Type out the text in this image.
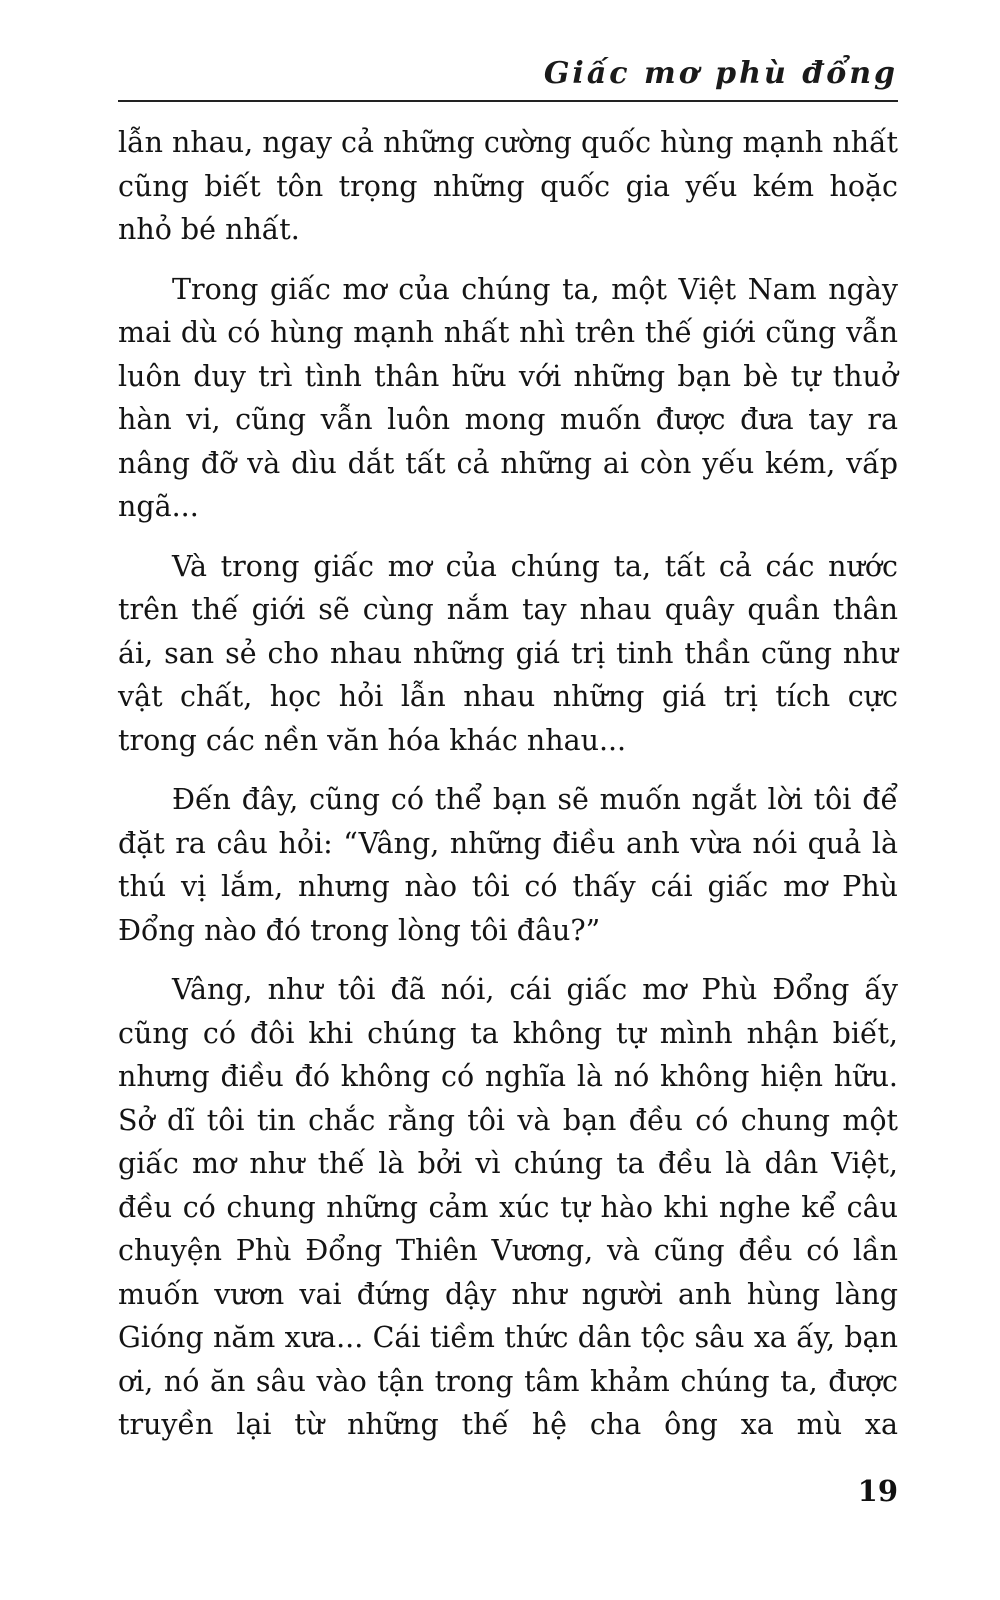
Giấc mơ phù đổng

lẫn nhau, ngay cả những cường quốc hùng mạnh nhất cũng biết tôn trọng những quốc gia yếu kém hoặc nhỏ bé nhất.

Trong giấc mơ của chúng ta, một Việt Nam ngày mai dù có hùng mạnh nhất nhì trên thế giới cũng vẫn luôn duy trì tình thân hữu với những bạn bè tự thuở hàn vi, cũng vẫn luôn mong muốn được đưa tay ra nâng đỡ và dìu dắt tất cả những ai còn yếu kém, vấp ngã...

Và trong giấc mơ của chúng ta, tất cả các nước trên thế giới sẽ cùng nắm tay nhau quây quần thân ái, san sẻ cho nhau những giá trị tinh thần cũng như vật chất, học hỏi lẫn nhau những giá trị tích cực trong các nền văn hóa khác nhau...

Đến đây, cũng có thể bạn sẽ muốn ngắt lời tôi để đặt ra câu hỏi: “Vâng, những điều anh vừa nói quả là thú vị lắm, nhưng nào tôi có thấy cái giấc mơ Phù Đổng nào đó trong lòng tôi đâu?”

Vâng, như tôi đã nói, cái giấc mơ Phù Đổng ấy cũng có đôi khi chúng ta không tự mình nhận biết, nhưng điều đó không có nghĩa là nó không hiện hữu. Sở dĩ tôi tin chắc rằng tôi và bạn đều có chung một giấc mơ như thế là bởi vì chúng ta đều là dân Việt, đều có chung những cảm xúc tự hào khi nghe kể câu chuyện Phù Đổng Thiên Vương, và cũng đều có lần muốn vươn vai đứng dậy như người anh hùng làng Gióng năm xưa... Cái tiềm thức dân tộc sâu xa ấy, bạn ơi, nó ăn sâu vào tận trong tâm khảm chúng ta, được truyền lại từ những thế hệ cha ông xa mù xa

19
